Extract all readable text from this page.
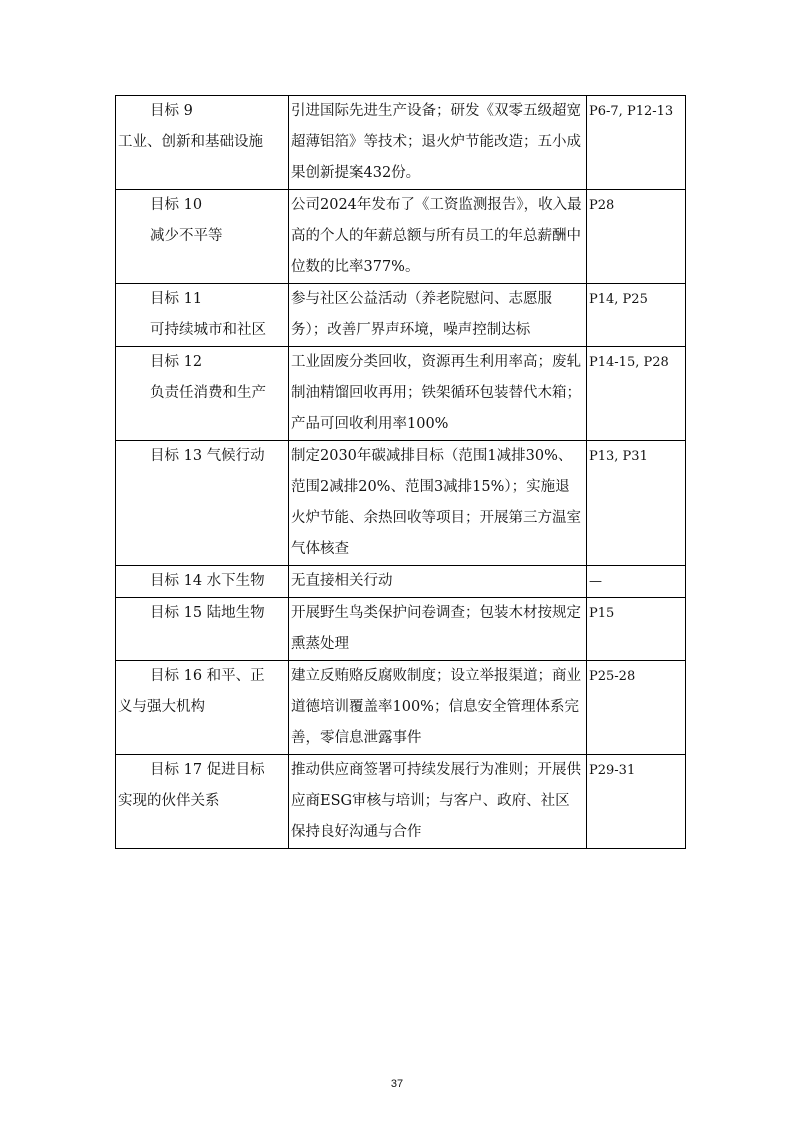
目标 9
工业、创新和基础设施	引进国际先进生产设备；研发《双零五级超宽超薄铝箔》等技术；退火炉节能改造；五小成果创新提案432份。	P6-7, P12-13

目标 10
减少不平等	公司2024年发布了《工资监测报告》，收入最高的个人的年薪总额与所有员工的年总薪酬中位数的比率377%。	P28

目标 11
可持续城市和社区	参与社区公益活动（养老院慰问、志愿服务）；改善厂界声环境，噪声控制达标	P14, P25

目标 12
负责任消费和生产	工业固废分类回收，资源再生利用率高；废轧制油精馏回收再用；铁架循环包装替代木箱；产品可回收利用率100%	P14-15, P28

目标 13 气候行动	制定2030年碳减排目标（范围1减排30%、范围2减排20%、范围3减排15%）；实施退火炉节能、余热回收等项目；开展第三方温室气体核查	P13, P31

目标 14 水下生物	无直接相关行动	—

目标 15 陆地生物	开展野生鸟类保护问卷调查；包装木材按规定熏蒸处理	P15

目标 16 和平、正
义与强大机构	建立反贿赂反腐败制度；设立举报渠道；商业道德培训覆盖率100%；信息安全管理体系完善，零信息泄露事件	P25-28

目标 17 促进目标
实现的伙伴关系	推动供应商签署可持续发展行为准则；开展供应商ESG审核与培训；与客户、政府、社区保持良好沟通与合作	P29-31
37
